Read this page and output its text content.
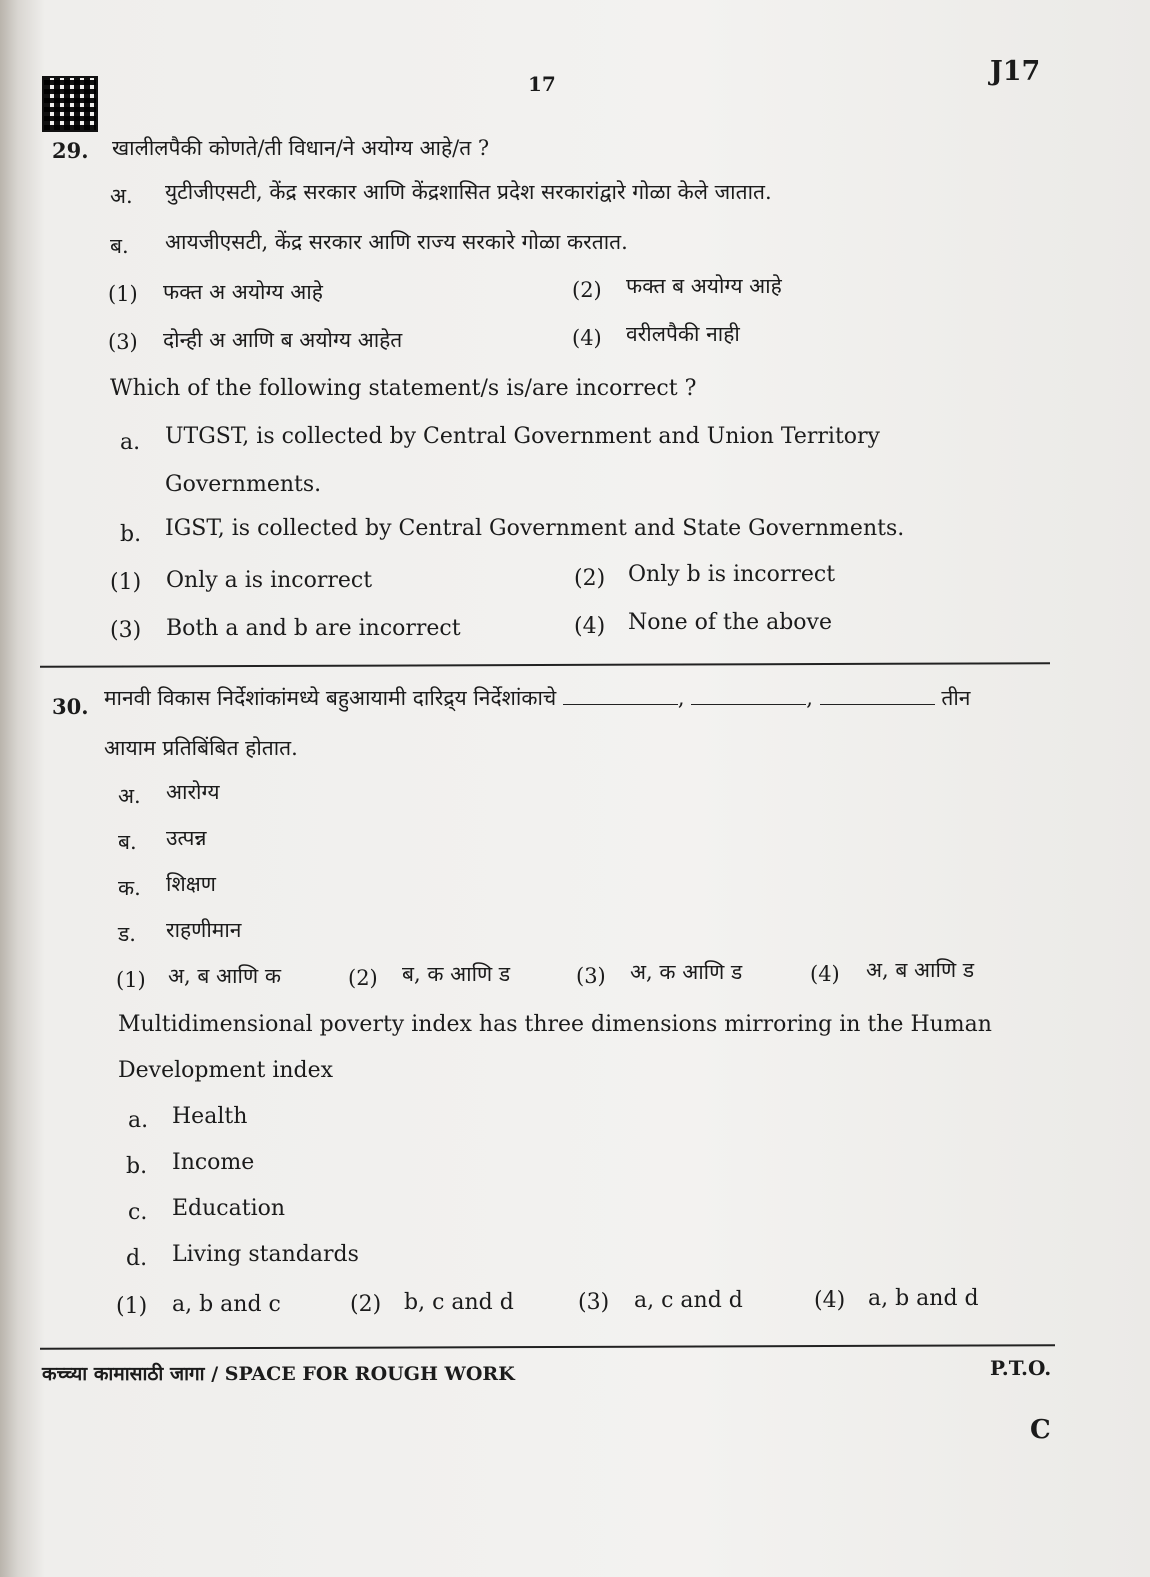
17	J17
29. खालीलपैकी कोणते/ती विधान/ने अयोग्य आहे/त ?
अ. युटीजीएसटी, केंद्र सरकार आणि केंद्रशासित प्रदेश सरकारांद्वारे गोळा केले जातात.
ब. आयजीएसटी, केंद्र सरकार आणि राज्य सरकारे गोळा करतात.
(1) फक्त अ अयोग्य आहे	(2) फक्त ब अयोग्य आहे
(3) दोन्ही अ आणि ब अयोग्य आहेत	(4) वरीलपैकी नाही
Which of the following statement/s is/are incorrect ?
a. UTGST, is collected by Central Government and Union Territory
Governments.
b. IGST, is collected by Central Government and State Governments.
(1) Only a is incorrect	(2) Only b is incorrect
(3) Both a and b are incorrect	(4) None of the above
30. मानवी विकास निर्देशांकांमध्ये बहुआयामी दारिद्र्य निर्देशांकाचे	,	,	तीन
आयाम प्रतिबिंबित होतात.
अ. आरोग्य
ब. उत्पन्न
क. शिक्षण
ड. राहणीमान
(1) अ, ब आणि क	(2) ब, क आणि ड	(3) अ, क आणि ड	(4) अ, ब आणि ड
Multidimensional poverty index has three dimensions mirroring in the Human
Development index
a. Health
b. Income
c. Education
d. Living standards
(1) a, b and c	(2) b, c and d	(3) a, c and d	(4) a, b and d
कच्च्या कामासाठी जागा / SPACE FOR ROUGH WORK	P.T.O.
C
